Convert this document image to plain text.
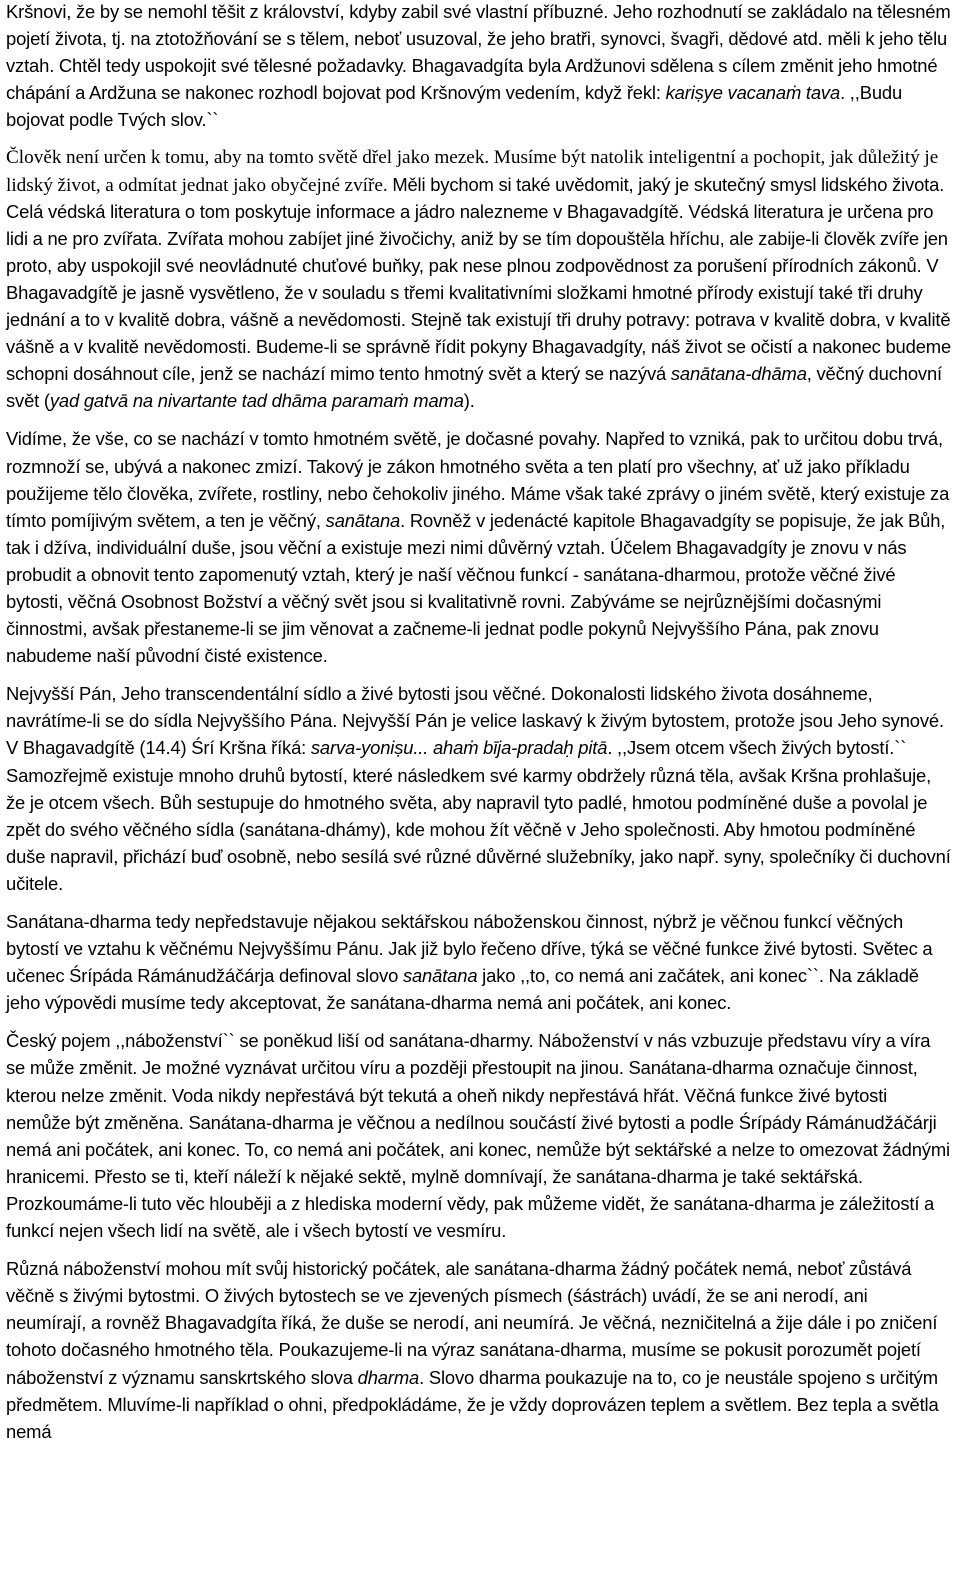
Kršnovi, že by se nemohl těšit z království, kdyby zabil své vlastní příbuzné. Jeho rozhodnutí se zakládalo na tělesném pojetí života, tj. na ztotožňování se s tělem, neboť usuzoval, že jeho bratři, synovci, švagři, dědové atd. měli k jeho tělu vztah. Chtěl tedy uspokojit své tělesné požadavky. Bhagavadgíta byla Ardžunovi sdělena s cílem změnit jeho hmotné chápání a Ardžuna se nakonec rozhodl bojovat pod Kršnovým vedením, když řekl: kariṣye vacanaṁ tava. ,,Budu bojovat podle Tvých slov.``

Člověk není určen k tomu, aby na tomto světě dřel jako mezek. Musíme být natolik inteligentní a pochopit, jak důležitý je lidský život, a odmítat jednat jako obyčejné zvíře. Měli bychom si také uvědomit, jaký je skutečný smysl lidského života. Celá védská literatura o tom poskytuje informace a jádro nalezneme v Bhagavadgítě. Védská literatura je určena pro lidi a ne pro zvířata. Zvířata mohou zabíjet jiné živočichy, aniž by se tím dopouštěla hříchu, ale zabije-li člověk zvíře jen proto, aby uspokojil své neovládnuté chuťové buňky, pak nese plnou zodpovědnost za porušení přírodních zákonů. V Bhagavadgítě je jasně vysvětleno, že v souladu s třemi kvalitativními složkami hmotné přírody existují také tři druhy jednání a to v kvalitě dobra, vášně a nevědomosti. Stejně tak existují tři druhy potravy: potrava v kvalitě dobra, v kvalitě vášně a v kvalitě nevědomosti. Budeme-li se správně řídit pokyny Bhagavadgíty, náš život se očistí a nakonec budeme schopni dosáhnout cíle, jenž se nachází mimo tento hmotný svět a který se nazývá sanātana-dhāma, věčný duchovní svět (yad gatvā na nivartante tad dhāma paramaṁ mama).

Vidíme, že vše, co se nachází v tomto hmotném světě, je dočasné povahy. Napřed to vzniká, pak to určitou dobu trvá, rozmnoží se, ubývá a nakonec zmizí. Takový je zákon hmotného světa a ten platí pro všechny, ať už jako příkladu použijeme tělo člověka, zvířete, rostliny, nebo čehokoliv jiného. Máme však také zprávy o jiném světě, který existuje za tímto pomíjivým světem, a ten je věčný, sanātana. Rovněž v jedenácté kapitole Bhagavadgíty se popisuje, že jak Bůh, tak i džíva, individuální duše, jsou věční a existuje mezi nimi důvěrný vztah. Účelem Bhagavadgíty je znovu v nás probudit a obnovit tento zapomenutý vztah, který je naší věčnou funkcí - sanátana-dharmou, protože věčné živé bytosti, věčná Osobnost Božství a věčný svět jsou si kvalitativně rovni. Zabýváme se nejrůznějšími dočasnými činnostmi, avšak přestaneme-li se jim věnovat a začneme-li jednat podle pokynů Nejvyššího Pána, pak znovu nabudeme naší původní čisté existence.

Nejvyšší Pán, Jeho transcendentální sídlo a živé bytosti jsou věčné. Dokonalosti lidského života dosáhneme, navrátíme-li se do sídla Nejvyššího Pána. Nejvyšší Pán je velice laskavý k živým bytostem, protože jsou Jeho synové. V Bhagavadgítě (14.4) Śrí Kršna říká: sarva-yoniṣu... ahaṁ bīja-pradaḥ pitā. ,,Jsem otcem všech živých bytostí.`` Samozřejmě existuje mnoho druhů bytostí, které následkem své karmy obdržely různá těla, avšak Kršna prohlašuje, že je otcem všech. Bůh sestupuje do hmotného světa, aby napravil tyto padlé, hmotou podmíněné duše a povolal je zpět do svého věčného sídla (sanátana-dhámy), kde mohou žít věčně v Jeho společnosti. Aby hmotou podmíněné duše napravil, přichází buď osobně, nebo sesílá své různé důvěrné služebníky, jako např. syny, společníky či duchovní učitele.

Sanátana-dharma tedy nepředstavuje nějakou sektářskou náboženskou činnost, nýbrž je věčnou funkcí věčných bytostí ve vztahu k věčnému Nejvyššímu Pánu. Jak již bylo řečeno dříve, týká se věčné funkce živé bytosti. Světec a učenec Śrípáda Rámánudžáčárja definoval slovo sanātana jako ,,to, co nemá ani začátek, ani konec``. Na základě jeho výpovědi musíme tedy akceptovat, že sanátana-dharma nemá ani počátek, ani konec.

Český pojem ,,náboženství`` se poněkud liší od sanátana-dharmy. Náboženství v nás vzbuzuje představu víry a víra se může změnit. Je možné vyznávat určitou víru a později přestoupit na jinou. Sanátana-dharma označuje činnost, kterou nelze změnit. Voda nikdy nepřestává být tekutá a oheň nikdy nepřestává hřát. Věčná funkce živé bytosti nemůže být změněna. Sanátana-dharma je věčnou a nedílnou součástí živé bytosti a podle Śrípády Rámánudžáčárji nemá ani počátek, ani konec. To, co nemá ani počátek, ani konec, nemůže být sektářské a nelze to omezovat žádnými hranicemi. Přesto se ti, kteří náleží k nějaké sektě, mylně domnívají, že sanátana-dharma je také sektářská. Prozkoumáme-li tuto věc hlouběji a z hlediska moderní vědy, pak můžeme vidět, že sanátana-dharma je záležitostí a funkcí nejen všech lidí na světě, ale i všech bytostí ve vesmíru.

Různá náboženství mohou mít svůj historický počátek, ale sanátana-dharma žádný počátek nemá, neboť zůstává věčně s živými bytostmi. O živých bytostech se ve zjevených písmech (śástrách) uvádí, že se ani nerodí, ani neumírají, a rovněž Bhagavadgíta říká, že duše se nerodí, ani neumírá. Je věčná, nezničitelná a žije dále i po zničení tohoto dočasného hmotného těla. Poukazujeme-li na výraz sanátana-dharma, musíme se pokusit porozumět pojetí náboženství z významu sanskrtského slova dharma. Slovo dharma poukazuje na to, co je neustále spojeno s určitým předmětem. Mluvíme-li například o ohni, předpokládáme, že je vždy doprovázen teplem a světlem. Bez tepla a světla nemá
